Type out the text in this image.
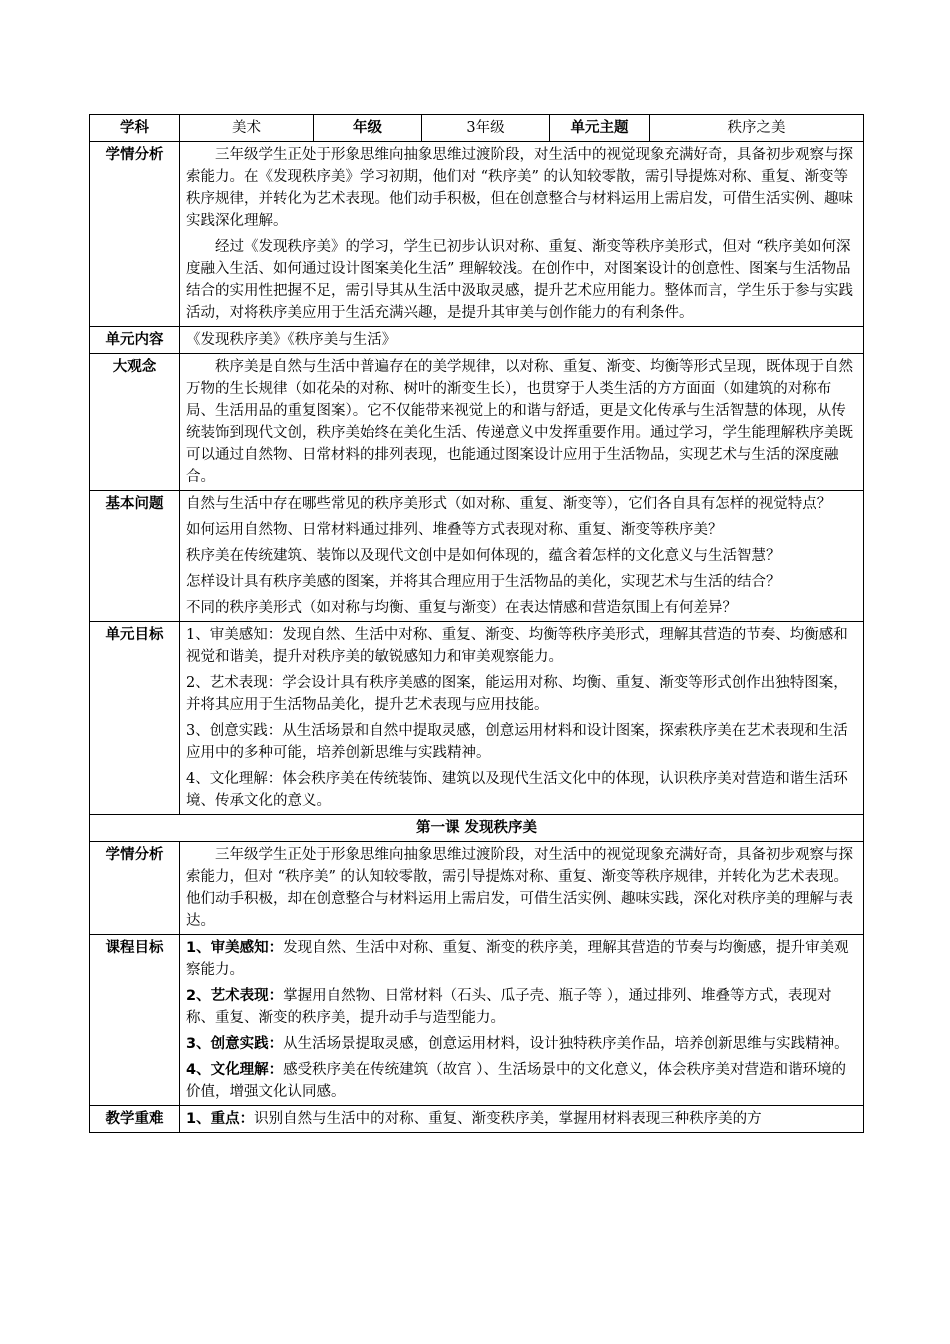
学科	美术	年级	3年级	单元主题	秩序之美
学情分析	三年级学生正处于形象思维向抽象思维过渡阶段，对生活中的视觉现象充满好奇，具备初步观察与探索能力。在《发现秩序美》学习初期，他们对 “秩序美” 的认知较零散，需引导提炼对称、重复、渐变等秩序规律，并转化为艺术表现。他们动手积极，但在创意整合与材料运用上需启发，可借生活实例、趣味实践深化理解。

经过《发现秩序美》的学习，学生已初步认识对称、重复、渐变等秩序美形式，但对 “秩序美如何深度融入生活、如何通过设计图案美化生活” 理解较浅。在创作中，对图案设计的创意性、图案与生活物品结合的实用性把握不足，需引导其从生活中汲取灵感，提升艺术应用能力。整体而言，学生乐于参与实践活动，对将秩序美应用于生活充满兴趣，是提升其审美与创作能力的有利条件。				

单元内容	《发现秩序美》《秩序美与生活》				
大观念	秩序美是自然与生活中普遍存在的美学规律，以对称、重复、渐变、均衡等形式呈现，既体现于自然万物的生长规律（如花朵的对称、树叶的渐变生长），也贯穿于人类生活的方方面面（如建筑的对称布局、生活用品的重复图案）。它不仅能带来视觉上的和谐与舒适，更是文化传承与生活智慧的体现，从传统装饰到现代文创，秩序美始终在美化生活、传递意义中发挥重要作用。通过学习，学生能理解秩序美既可以通过自然物、日常材料的排列表现，也能通过图案设计应用于生活物品，实现艺术与生活的深度融合。				

基本问题	自然与生活中存在哪些常见的秩序美形式（如对称、重复、渐变等），它们各自具有怎样的视觉特点？

如何运用自然物、日常材料通过排列、堆叠等方式表现对称、重复、渐变等秩序美？

秩序美在传统建筑、装饰以及现代文创中是如何体现的，蕴含着怎样的文化意义与生活智慧？

怎样设计具有秩序美感的图案，并将其合理应用于生活物品的美化，实现艺术与生活的结合？

不同的秩序美形式（如对称与均衡、重复与渐变）在表达情感和营造氛围上有何差异？				

单元目标	1、审美感知：发现自然、生活中对称、重复、渐变、均衡等秩序美形式，理解其营造的节奏、均衡感和视觉和谐美，提升对秩序美的敏锐感知力和审美观察能力。

2、艺术表现：学会设计具有秩序美感的图案，能运用对称、均衡、重复、渐变等形式创作出独特图案，并将其应用于生活物品美化，提升艺术表现与应用技能。

3、创意实践：从生活场景和自然中提取灵感，创意运用材料和设计图案，探索秩序美在艺术表现和生活应用中的多种可能，培养创新思维与实践精神。

4、文化理解：体会秩序美在传统装饰、建筑以及现代生活文化中的体现，认识秩序美对营造和谐生活环境、传承文化的意义。				

第一课 发现秩序美					
学情分析	三年级学生正处于形象思维向抽象思维过渡阶段，对生活中的视觉现象充满好奇，具备初步观察与探索能力，但对 “秩序美” 的认知较零散，需引导提炼对称、重复、渐变等秩序规律，并转化为艺术表现。他们动手积极，却在创意整合与材料运用上需启发，可借生活实例、趣味实践，深化对秩序美的理解与表达。				

课程目标	1、审美感知：发现自然、生活中对称、重复、渐变的秩序美，理解其营造的节奏与均衡感，提升审美观察能力。

2、艺术表现：掌握用自然物、日常材料（石头、瓜子壳、瓶子等 ），通过排列、堆叠等方式，表现对称、重复、渐变的秩序美，提升动手与造型能力。

3、创意实践：从生活场景提取灵感，创意运用材料，设计独特秩序美作品，培养创新思维与实践精神。

4、文化理解：感受秩序美在传统建筑（故宫 ）、生活场景中的文化意义，体会秩序美对营造和谐环境的价值，增强文化认同感。				

教学重难	1、重点：识别自然与生活中的对称、重复、渐变秩序美，掌握用材料表现三种秩序美的方				
